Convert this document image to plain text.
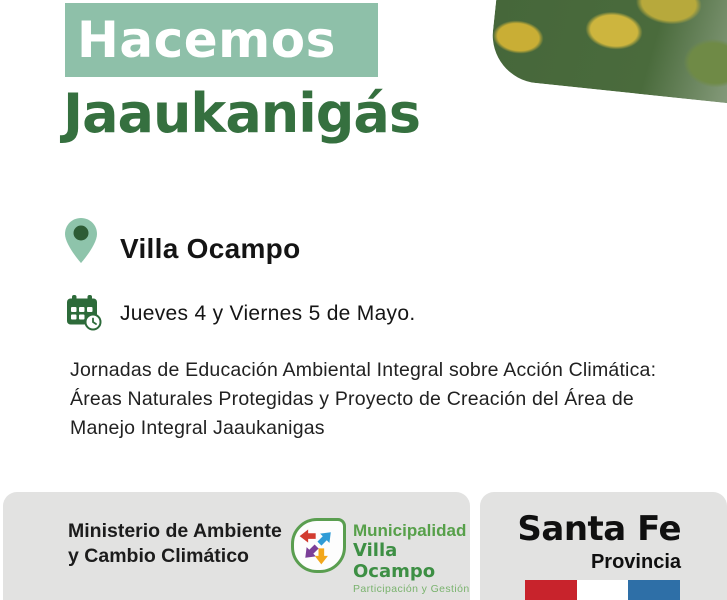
Hacemos
Jaaukanigás
Villa Ocampo
Jueves 4 y Viernes 5 de Mayo.
Jornadas de Educación Ambiental Integral sobre Acción Climática:
Áreas Naturales Protegidas y Proyecto de Creación del Área de
Manejo Integral Jaaukanigas
Ministerio de Ambiente
y Cambio Climático
Municipalidad
Villa Ocampo
Participación y Gestión
Santa Fe
Provincia
